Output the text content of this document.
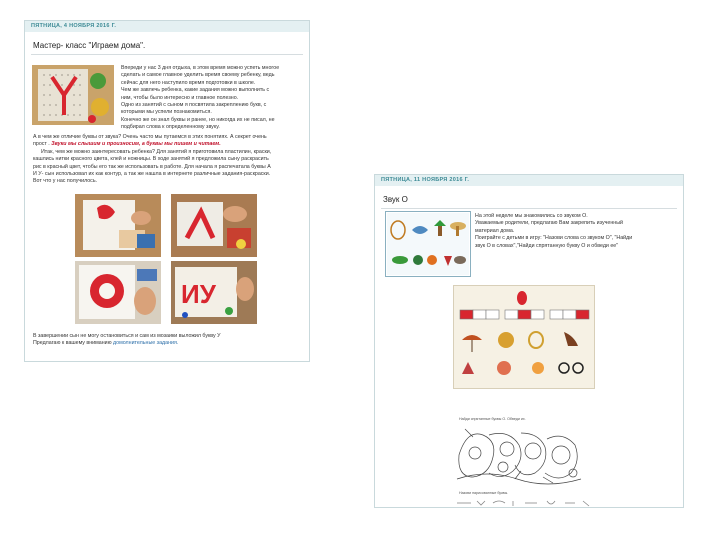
ПЯТНИЦА, 4 НОЯБРЯ 2016 Г.
Мастер- класс "Играем дома".

Впереди у нас 3 дня отдыха, в этом время можно успеть многое

сделать и самое главное уделить время своему ребенку, ведь

сейчас для него наступило время подготовки в школе.

Чем же завлечь ребенка, какие задания можно выполнить с

ним, чтобы было интересно и главное полезно.

Одно из занятий с сыном я посвятила закреплению букв, с

которыми мы успели познакомиться.

Конечно же он знал буквы и ранее, но никогда их не писал, не

подбирал слова к определенному звуку.

А в чем же отличие буквы от звука? Очень часто мы путаемся в этих понятиях. А секрет очень

прост . Звуки мы слышим и произносим, а буквы мы пишем и читаем.

Итак, чем же можно заинтересовать ребенка? Для занятий я приготовила пластилин, краски,

кашлись нитки красного цвета, клей и ножницы. В ходе занятий я предложила сыну раскрасить

рис в красный цвет, чтобы его так же использовать в работе. Для начала я распечатала буквы А

И У- сын использовал их как контур, а так же нашла в интернете различные задания-раскраски.

Вот что у нас получилось.

ИУ

В завершении сын не могу остановиться и сам из мозаики выложил букву У

Предлагаю к вашему вниманию домолнительные задания.

ПЯТНИЦА, 11 НОЯБРЯ 2016 Г.
Звук О

На этой неделе мы знакомились со звуком О.

Уважаемые родители, предлагаю Вам закрепить изученный

материал дома.

Поиграйте с детьми в игру: "Назови слова со звуком О", "Найди

звук О в словах","Найди спрятанную букву О и обведи ее"

Найди спрятанные буквы О. Обведи их.
Назови нарисованные буквы.
